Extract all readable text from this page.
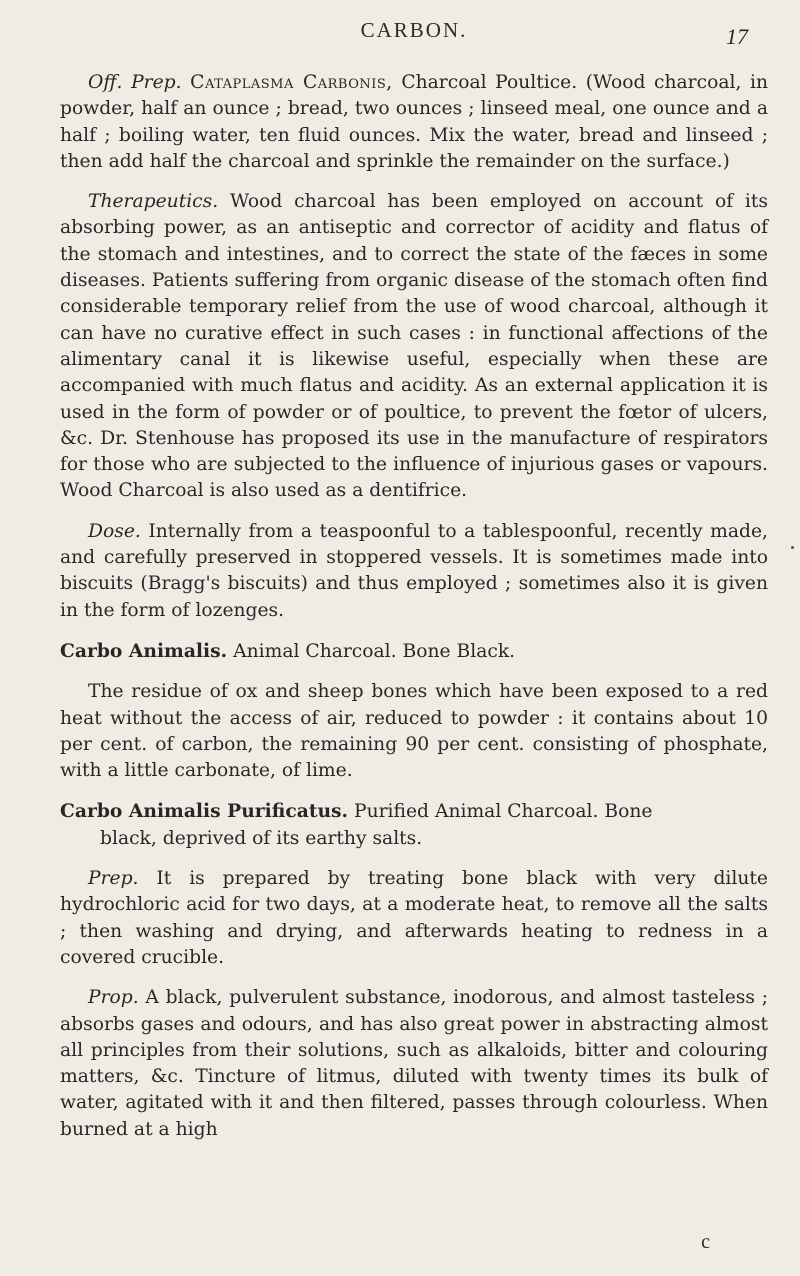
CARBON.	17

Off. Prep. Cataplasma Carbonis, Charcoal Poultice. (Wood charcoal, in powder, half an ounce ; bread, two ounces ; linseed meal, one ounce and a half ; boiling water, ten fluid ounces. Mix the water, bread and linseed ; then add half the charcoal and sprinkle the remainder on the surface.)

Therapeutics. Wood charcoal has been employed on account of its absorbing power, as an antiseptic and corrector of acidity and flatus of the stomach and intestines, and to correct the state of the fæces in some diseases. Patients suffering from organic disease of the stomach often find considerable temporary relief from the use of wood charcoal, although it can have no curative effect in such cases : in functional affections of the alimentary canal it is likewise useful, especially when these are accompanied with much flatus and acidity. As an external application it is used in the form of powder or of poultice, to prevent the fœtor of ulcers, &c. Dr. Stenhouse has proposed its use in the manufacture of respirators for those who are subjected to the influence of injurious gases or vapours. Wood Charcoal is also used as a dentifrice.

Dose. Internally from a teaspoonful to a tablespoonful, recently made, and carefully preserved in stoppered vessels. It is sometimes made into biscuits (Bragg's biscuits) and thus employed ; sometimes also it is given in the form of lozenges.

Carbo Animalis. Animal Charcoal. Bone Black.

The residue of ox and sheep bones which have been exposed to a red heat without the access of air, reduced to powder : it contains about 10 per cent. of carbon, the remaining 90 per cent. consisting of phosphate, with a little carbonate, of lime.

Carbo Animalis Purificatus. Purified Animal Charcoal. Bone
black, deprived of its earthy salts.

Prep. It is prepared by treating bone black with very dilute hydrochloric acid for two days, at a moderate heat, to remove all the salts ; then washing and drying, and afterwards heating to redness in a covered crucible.

Prop. A black, pulverulent substance, inodorous, and almost tasteless ; absorbs gases and odours, and has also great power in abstracting almost all principles from their solutions, such as alkaloids, bitter and colouring matters, &c. Tincture of litmus, diluted with twenty times its bulk of water, agitated with it and then filtered, passes through colourless. When burned at a high

c
